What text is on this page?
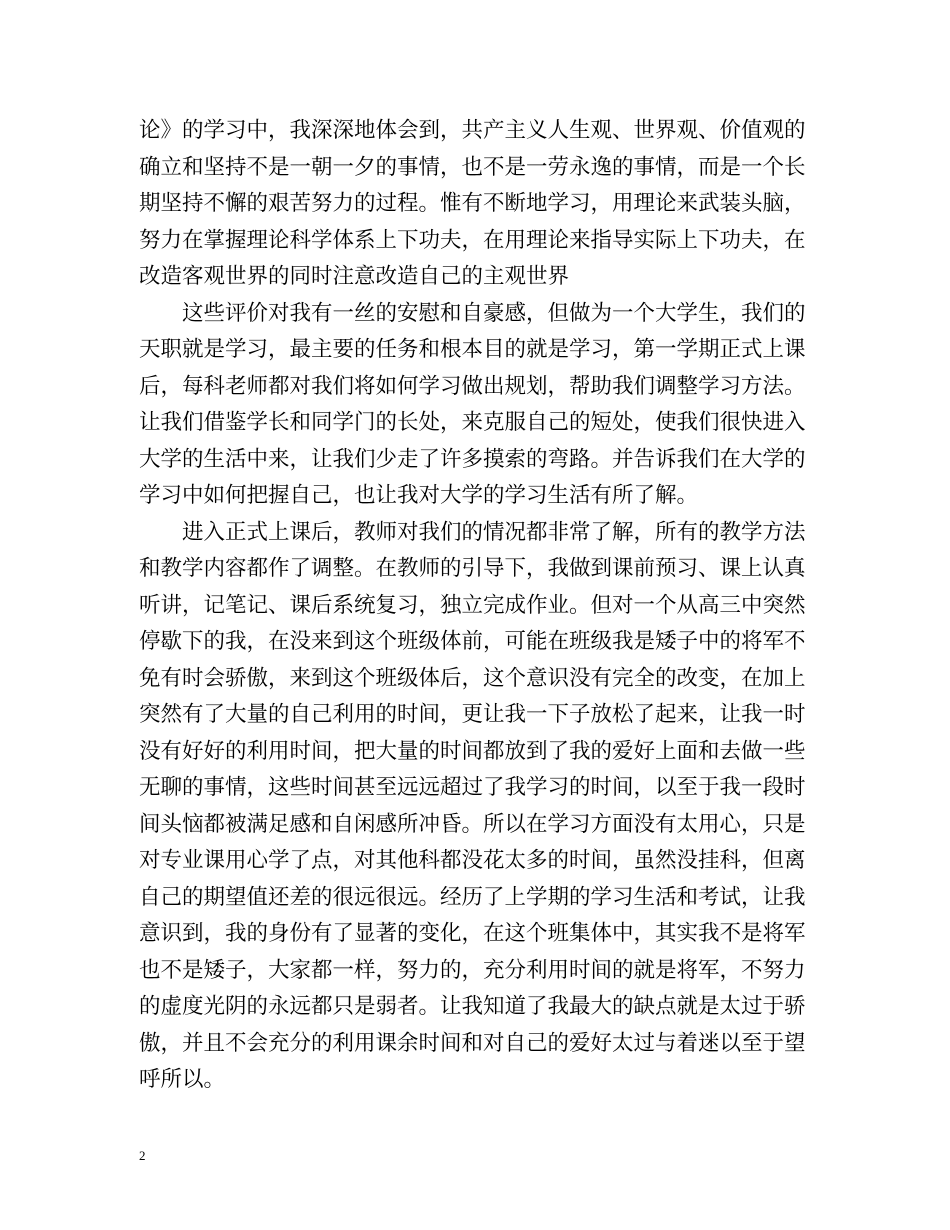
论》的学习中，我深深地体会到，共产主义人生观、世界观、价值观的
确立和坚持不是一朝一夕的事情，也不是一劳永逸的事情，而是一个长
期坚持不懈的艰苦努力的过程。惟有不断地学习，用理论来武装头脑，
努力在掌握理论科学体系上下功夫，在用理论来指导实际上下功夫，在
改造客观世界的同时注意改造自己的主观世界
这些评价对我有一丝的安慰和自豪感，但做为一个大学生，我们的
天职就是学习，最主要的任务和根本目的就是学习，第一学期正式上课
后，每科老师都对我们将如何学习做出规划，帮助我们调整学习方法。
让我们借鉴学长和同学门的长处，来克服自己的短处，使我们很快进入
大学的生活中来，让我们少走了许多摸索的弯路。并告诉我们在大学的
学习中如何把握自己，也让我对大学的学习生活有所了解。
进入正式上课后，教师对我们的情况都非常了解，所有的教学方法
和教学内容都作了调整。在教师的引导下，我做到课前预习、课上认真
听讲，记笔记、课后系统复习，独立完成作业。但对一个从高三中突然
停歇下的我，在没来到这个班级体前，可能在班级我是矮子中的将军不
免有时会骄傲，来到这个班级体后，这个意识没有完全的改变，在加上
突然有了大量的自己利用的时间，更让我一下子放松了起来，让我一时
没有好好的利用时间，把大量的时间都放到了我的爱好上面和去做一些
无聊的事情，这些时间甚至远远超过了我学习的时间，以至于我一段时
间头恼都被满足感和自闲感所冲昏。所以在学习方面没有太用心，只是
对专业课用心学了点，对其他科都没花太多的时间，虽然没挂科，但离
自己的期望值还差的很远很远。经历了上学期的学习生活和考试，让我
意识到，我的身份有了显著的变化，在这个班集体中，其实我不是将军
也不是矮子，大家都一样，努力的，充分利用时间的就是将军，不努力
的虚度光阴的永远都只是弱者。让我知道了我最大的缺点就是太过于骄
傲，并且不会充分的利用课余时间和对自己的爱好太过与着迷以至于望
呼所以。
2
